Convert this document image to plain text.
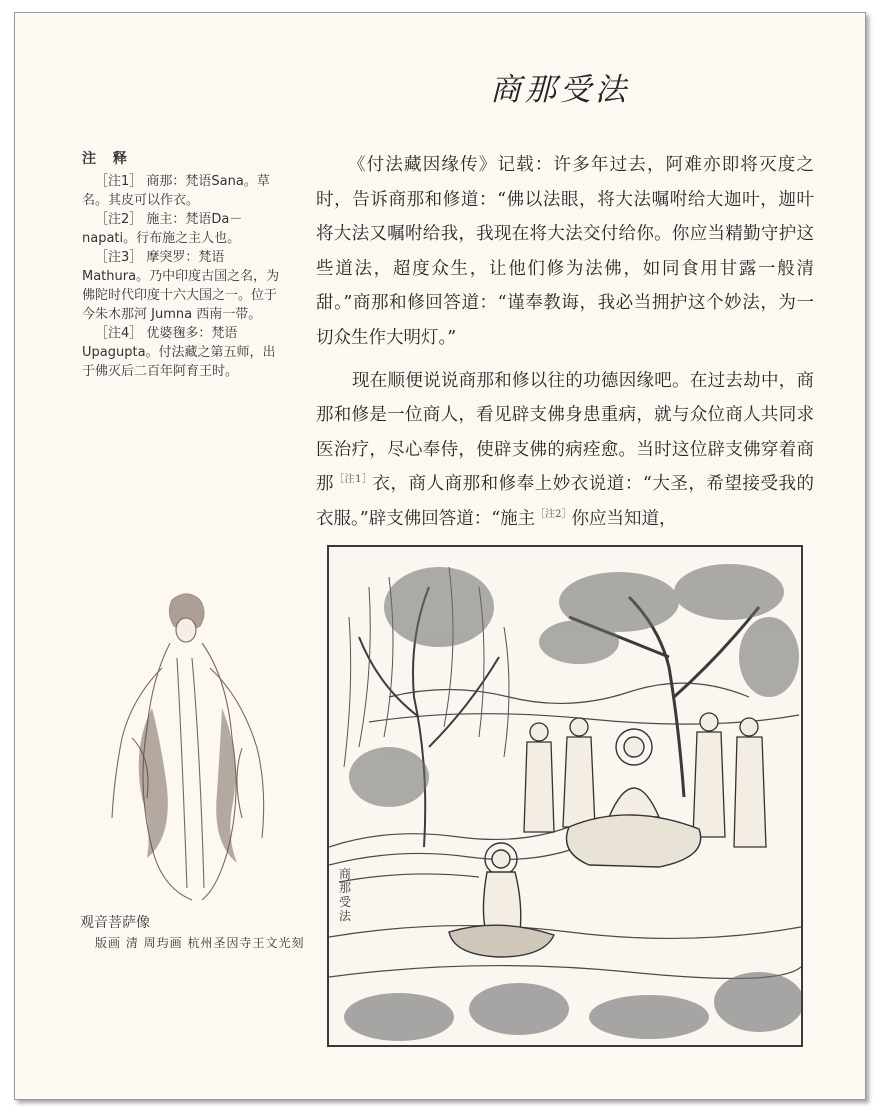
商那受法
注 释
［注1］ 商那：梵语Sana。草名。其皮可以作衣。
［注2］ 施主：梵语Da－napati。行布施之主人也。
［注3］ 摩突罗：梵语Mathura。乃中印度古国之名，为佛陀时代印度十六大国之一。位于今朱木那河 Jumna 西南一带。
［注4］ 优婆毱多：梵语Upagupta。付法藏之第五师，出于佛灭后二百年阿育王时。

《付法藏因缘传》记载：许多年过去，阿难亦即将灭度之时，告诉商那和修道：“佛以法眼，将大法嘱咐给大迦叶，迦叶将大法又嘱咐给我，我现在将大法交付给你。你应当精勤守护这些道法，超度众生，让他们修为法佛，如同食用甘露一般清甜。”商那和修回答道：“谨奉教诲，我必当拥护这个妙法，为一切众生作大明灯。”

现在顺便说说商那和修以往的功德因缘吧。在过去劫中，商那和修是一位商人，看见辟支佛身患重病，就与众位商人共同求医治疗，尽心奉侍，使辟支佛的病痊愈。当时这位辟支佛穿着商那$^{[注1]}$衣，商人商那和修奉上妙衣说道：“大圣，希望接受我的衣服。”辟支佛回答道：“施主$^{[注2]}$你应当知道，

商那受法
观音菩萨像
版画 清 周玙画 杭州圣因寺王文光刻
